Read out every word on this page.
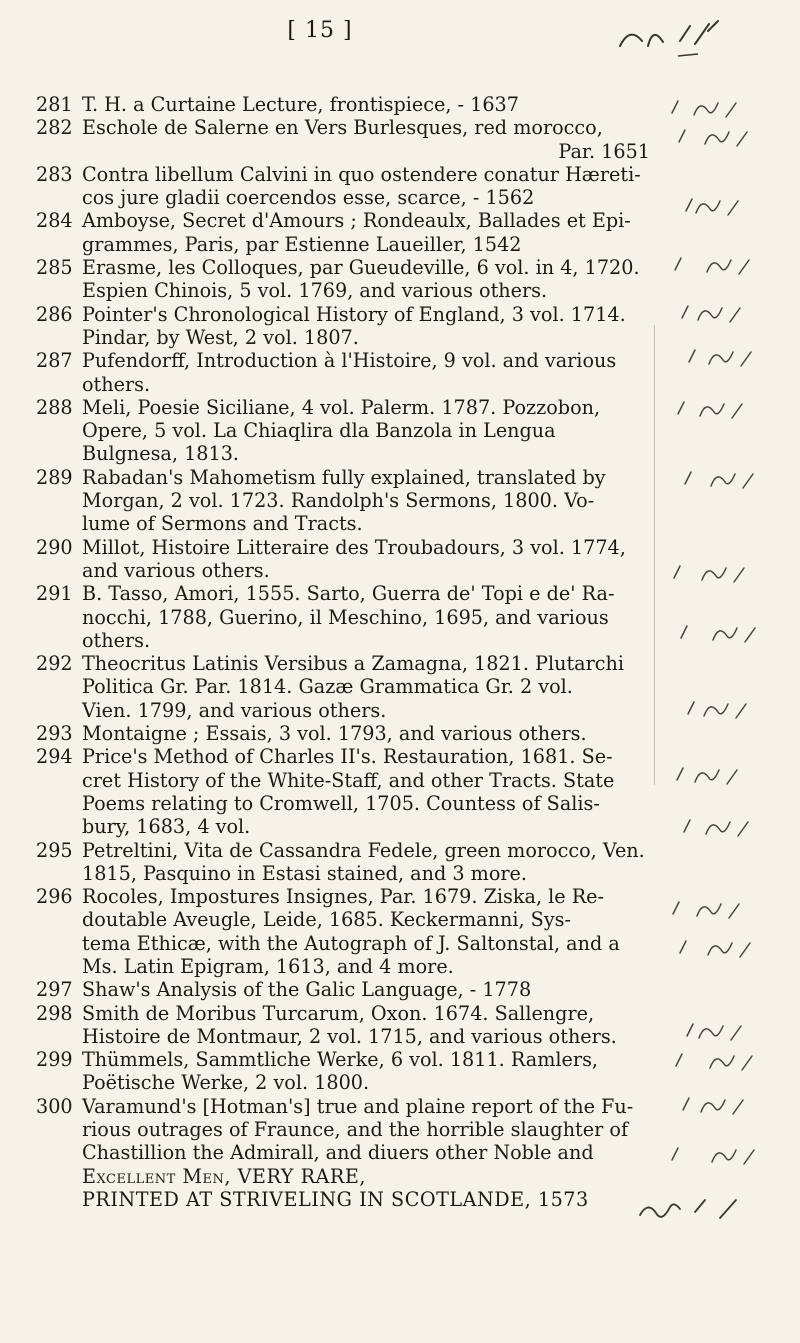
[ 15 ]
281 T. H. a Curtaine Lecture, frontispiece, - 1637
282 Eschole de Salerne en Vers Burlesques, red morocco,
Par. 1651
283 Contra libellum Calvini in quo ostendere conatur Hæreti-
cos jure gladii coercendos esse, scarce, - 1562
284 Amboyse, Secret d'Amours ; Rondeaulx, Ballades et Epi-
grammes, Paris, par Estienne Laueiller, 1542
285 Erasme, les Colloques, par Gueudeville, 6 vol. in 4, 1720.
Espien Chinois, 5 vol. 1769, and various others.
286 Pointer's Chronological History of England, 3 vol. 1714.
Pindar, by West, 2 vol. 1807.
287 Pufendorff, Introduction à l'Histoire, 9 vol. and various
others.
288 Meli, Poesie Siciliane, 4 vol. Palerm. 1787. Pozzobon,
Opere, 5 vol. La Chiaqlira dla Banzola in Lengua
Bulgnesa, 1813.
289 Rabadan's Mahometism fully explained, translated by
Morgan, 2 vol. 1723. Randolph's Sermons, 1800. Vo-
lume of Sermons and Tracts.
290 Millot, Histoire Litteraire des Troubadours, 3 vol. 1774,
and various others.
291 B. Tasso, Amori, 1555. Sarto, Guerra de' Topi e de' Ra-
nocchi, 1788, Guerino, il Meschino, 1695, and various
others.
292 Theocritus Latinis Versibus a Zamagna, 1821. Plutarchi
Politica Gr. Par. 1814. Gazæ Grammatica Gr. 2 vol.
Vien. 1799, and various others.
293 Montaigne ; Essais, 3 vol. 1793, and various others.
294 Price's Method of Charles II's. Restauration, 1681. Se-
cret History of the White-Staff, and other Tracts. State
Poems relating to Cromwell, 1705. Countess of Salis-
bury, 1683, 4 vol.
295 Petreltini, Vita de Cassandra Fedele, green morocco, Ven.
1815, Pasquino in Estasi stained, and 3 more.
296 Rocoles, Impostures Insignes, Par. 1679. Ziska, le Re-
doutable Aveugle, Leide, 1685. Keckermanni, Sys-
tema Ethicæ, with the Autograph of J. Saltonstal, and a
Ms. Latin Epigram, 1613, and 4 more.
297 Shaw's Analysis of the Galic Language, - 1778
298 Smith de Moribus Turcarum, Oxon. 1674. Sallengre,
Histoire de Montmaur, 2 vol. 1715, and various others.
299 Thümmels, Sammtliche Werke, 6 vol. 1811. Ramlers,
Poëtische Werke, 2 vol. 1800.
300 Varamund's [Hotman's] true and plaine report of the Fu-
rious outrages of Fraunce, and the horrible slaughter of
Chastillion the Admirall, and diuers other Noble and
Excellent Men, VERY RARE,
PRINTED AT STRIVELING IN SCOTLANDE, 1573
